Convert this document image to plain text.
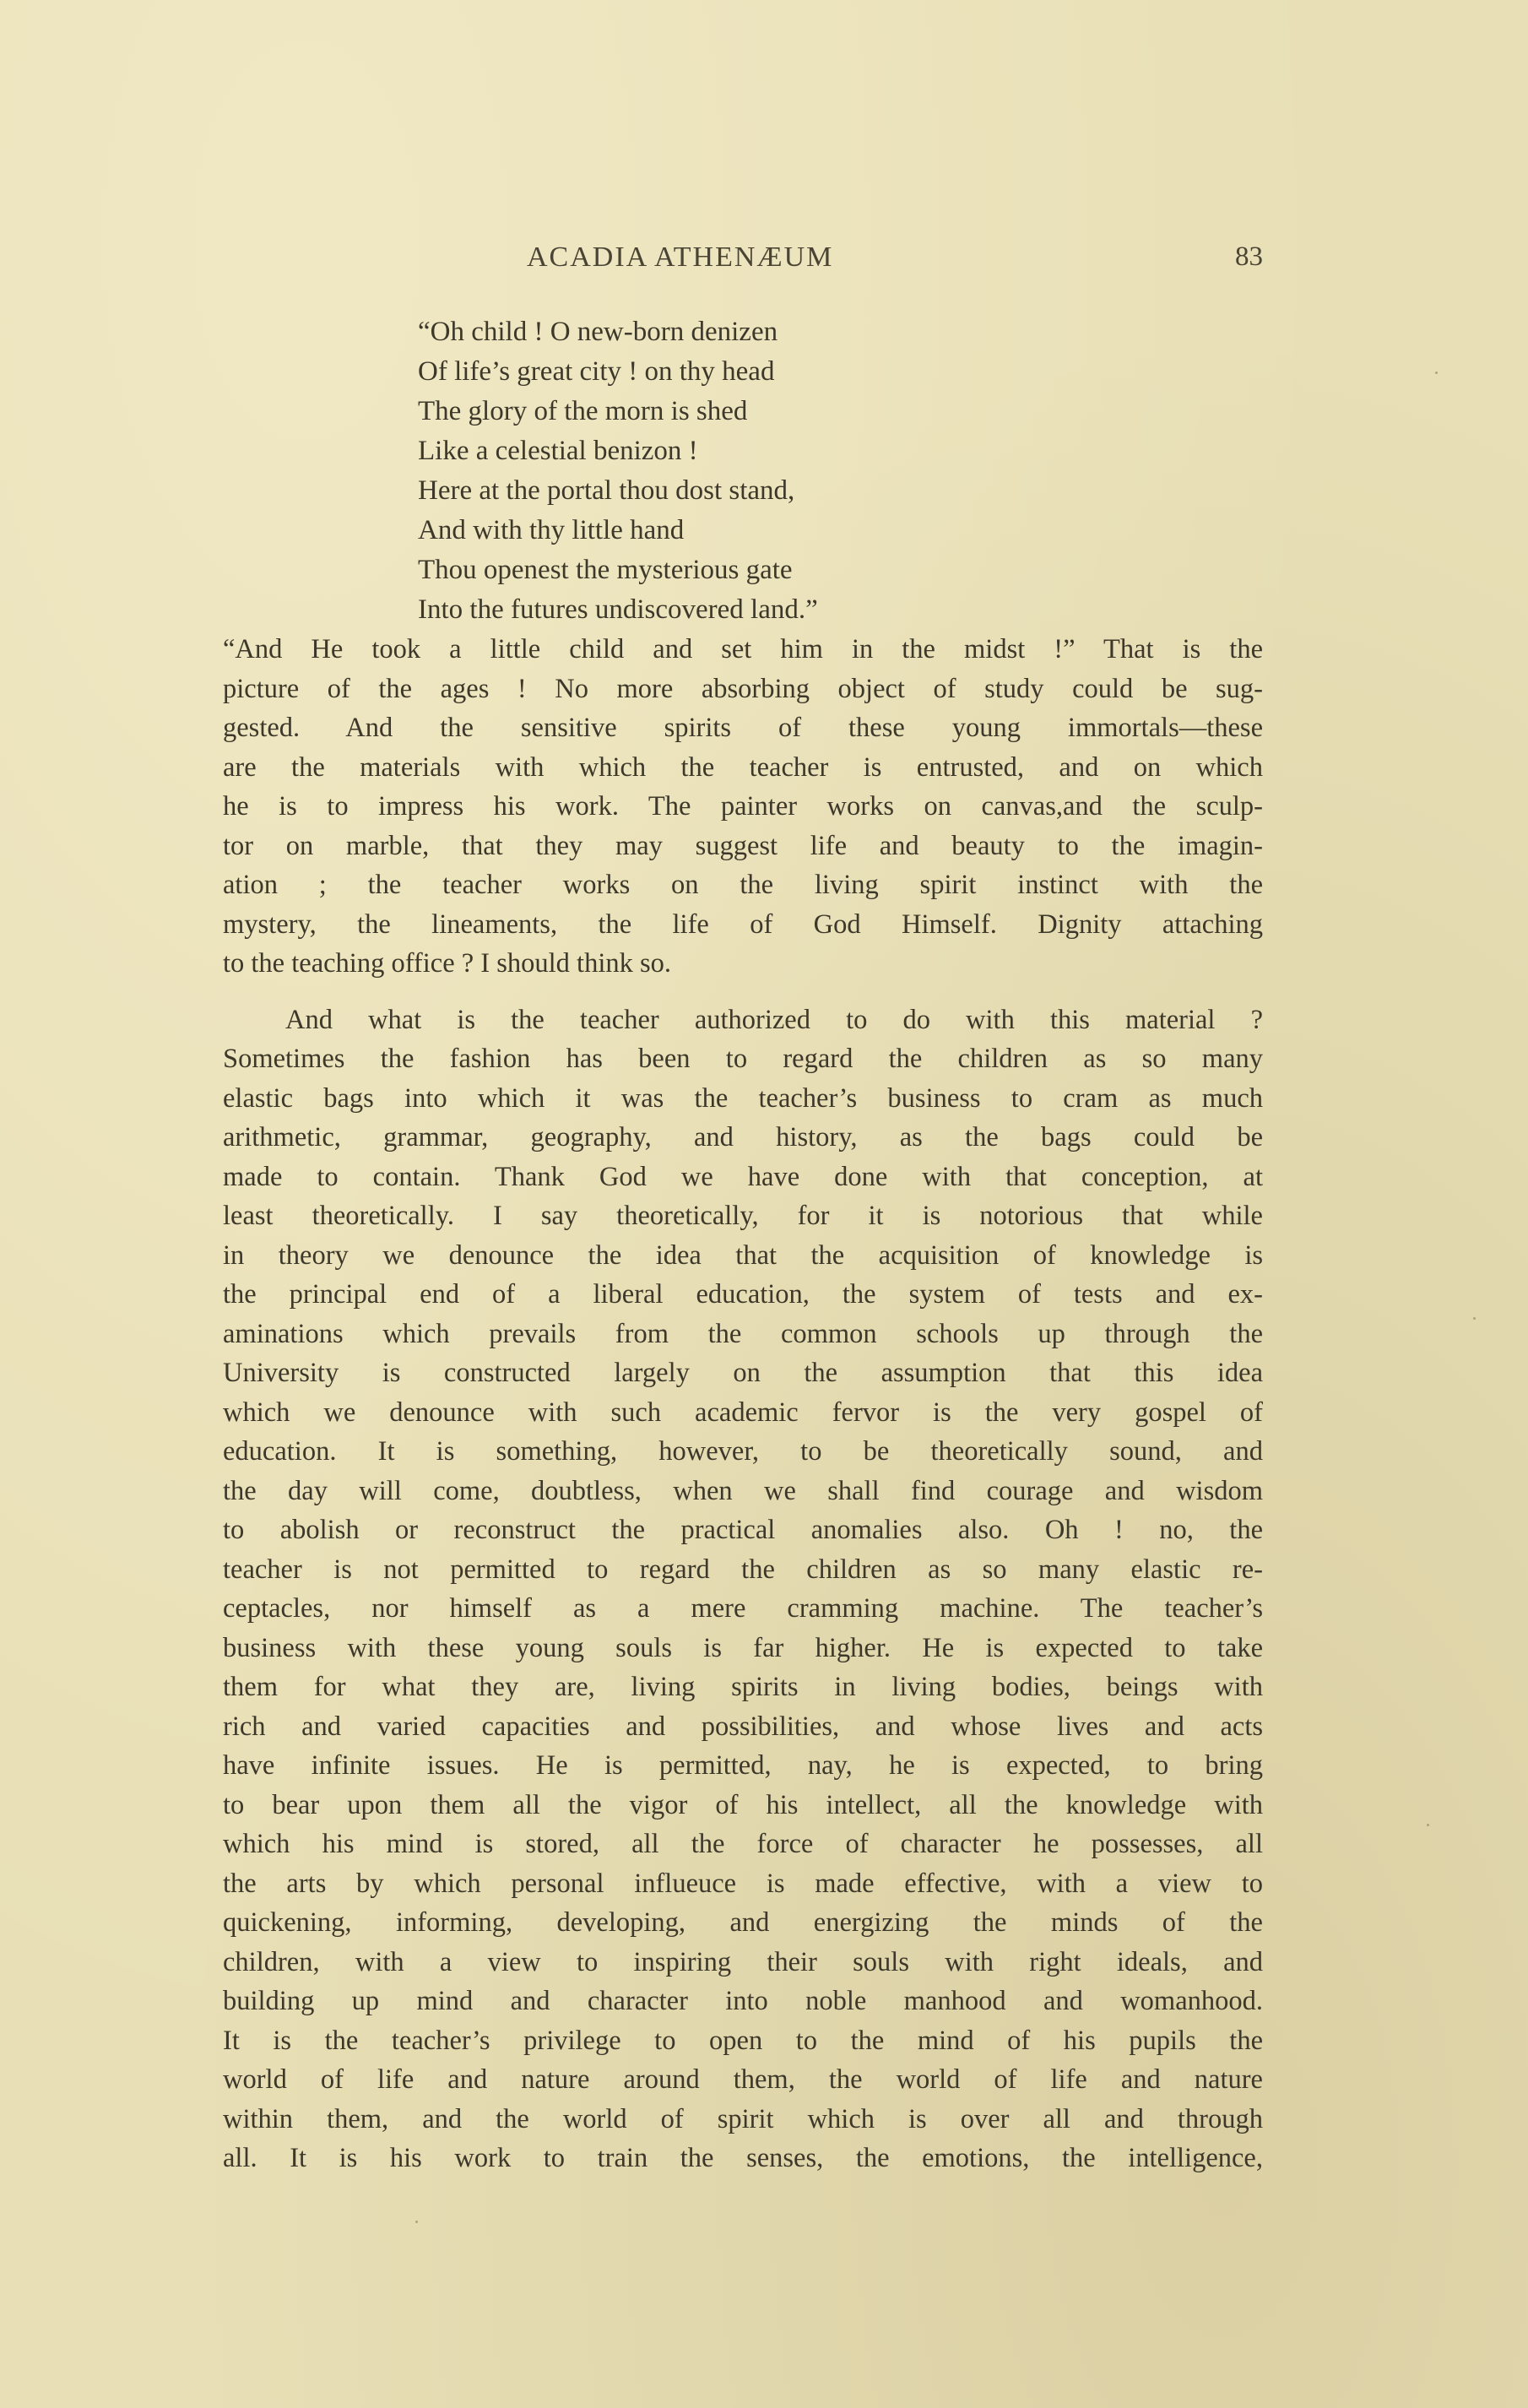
ACADIA ATHENÆUM	83
“Oh child ! O new-born denizen
Of life’s great city ! on thy head
The glory of the morn is shed
Like a celestial benizon !
Here at the portal thou dost stand,
And with thy little hand
Thou openest the mysterious gate
Into the futures undiscovered land.”
“And He took a little child and set him in the midst !” That is the
picture of the ages ! No more absorbing object of study could be sug-
gested. And the sensitive spirits of these young immortals—these
are the materials with which the teacher is entrusted, and on which
he is to impress his work. The painter works on canvas,and the sculp-
tor on marble, that they may suggest life and beauty to the imagin-
ation ; the teacher works on the living spirit instinct with the
mystery, the lineaments, the life of God Himself. Dignity attaching
to the teaching office ? I should think so.
And what is the teacher authorized to do with this material ?
Sometimes the fashion has been to regard the children as so many
elastic bags into which it was the teacher’s business to cram as much
arithmetic, grammar, geography, and history, as the bags could be
made to contain. Thank God we have done with that conception, at
least theoretically. I say theoretically, for it is notorious that while
in theory we denounce the idea that the acquisition of knowledge is
the principal end of a liberal education, the system of tests and ex-
aminations which prevails from the common schools up through the
University is constructed largely on the assumption that this idea
which we denounce with such academic fervor is the very gospel of
education. It is something, however, to be theoretically sound, and
the day will come, doubtless, when we shall find courage and wisdom
to abolish or reconstruct the practical anomalies also. Oh ! no, the
teacher is not permitted to regard the children as so many elastic re-
ceptacles, nor himself as a mere cramming machine. The teacher’s
business with these young souls is far higher. He is expected to take
them for what they are, living spirits in living bodies, beings with
rich and varied capacities and possibilities, and whose lives and acts
have infinite issues. He is permitted, nay, he is expected, to bring
to bear upon them all the vigor of his intellect, all the knowledge with
which his mind is stored, all the force of character he possesses, all
the arts by which personal influeuce is made effective, with a view to
quickening, informing, developing, and energizing the minds of the
children, with a view to inspiring their souls with right ideals, and
building up mind and character into noble manhood and womanhood.
It is the teacher’s privilege to open to the mind of his pupils the
world of life and nature around them, the world of life and nature
within them, and the world of spirit which is over all and through
all. It is his work to train the senses, the emotions, the intelligence,
